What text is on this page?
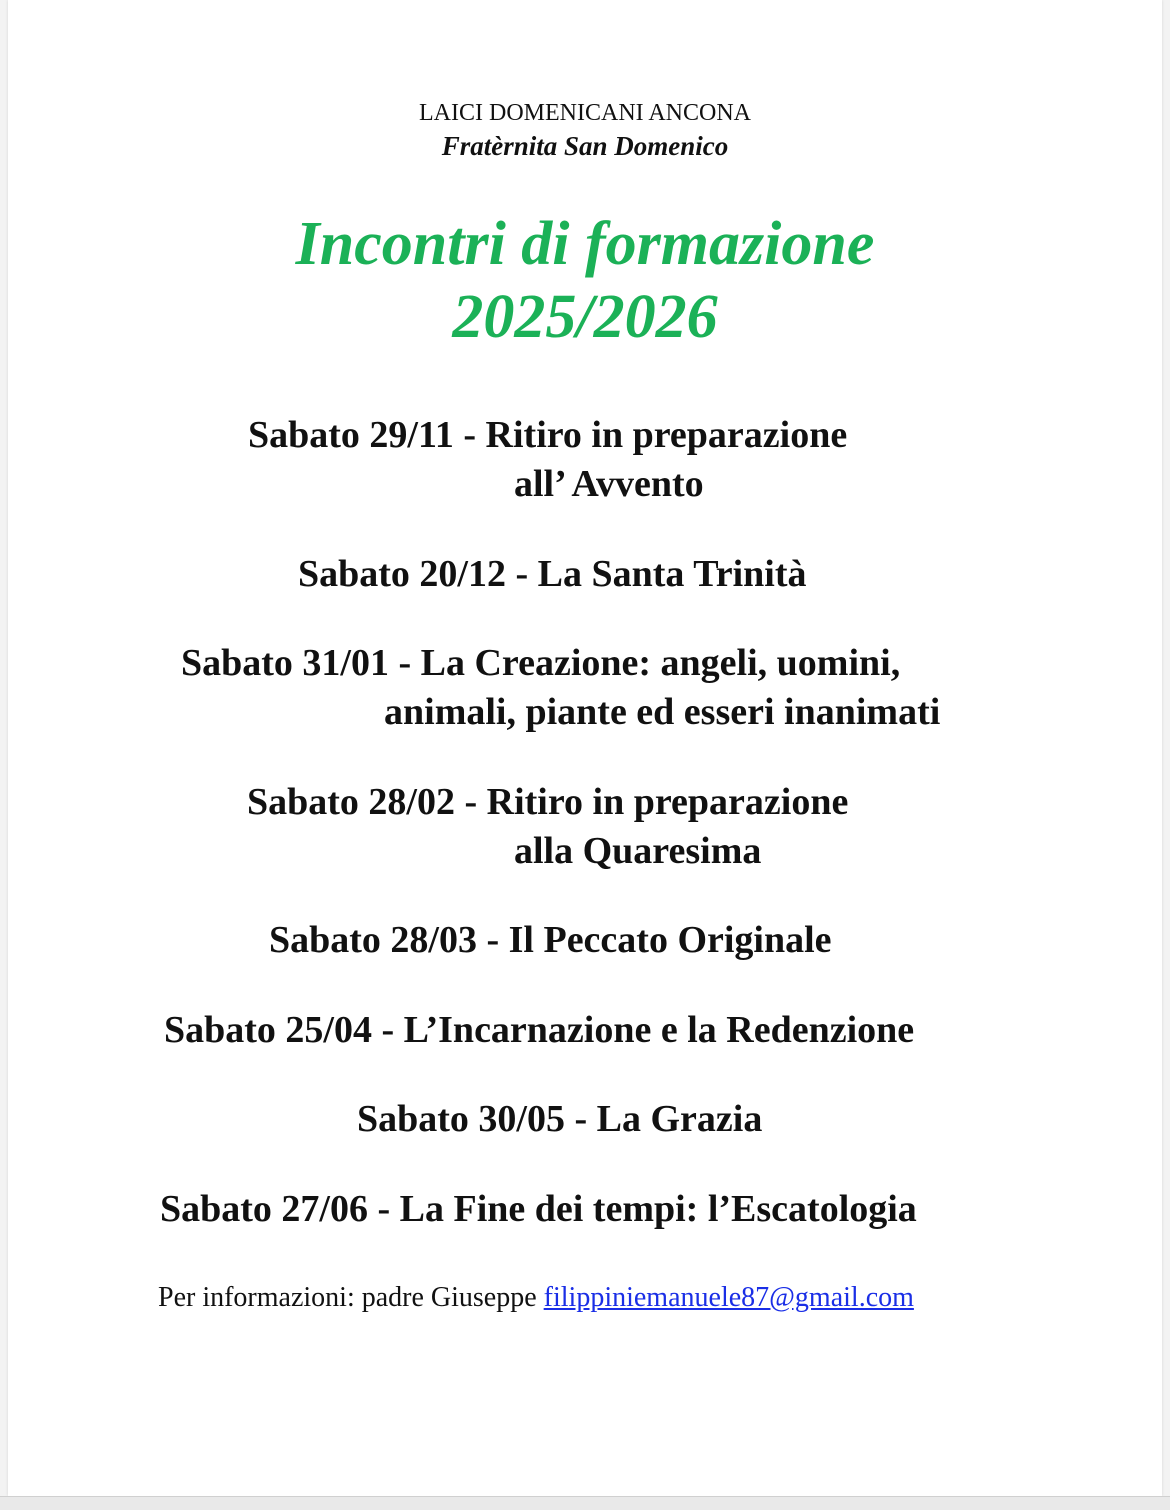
LAICI DOMENICANI ANCONA
Fratèrnita San Domenico
Incontri di formazione
2025/2026
Sabato 29/11 - Ritiro in preparazione
all’ Avvento
Sabato 20/12 - La Santa Trinità
Sabato 31/01 - La Creazione: angeli, uomini,
animali, piante ed esseri inanimati
Sabato 28/02 - Ritiro in preparazione
alla Quaresima
Sabato 28/03 - Il Peccato Originale
Sabato 25/04 - L’Incarnazione e la Redenzione
Sabato 30/05 - La Grazia
Sabato 27/06 - La Fine dei tempi: l’Escatologia
Per informazioni: padre Giuseppe filippiniemanuele87@gmail.com
